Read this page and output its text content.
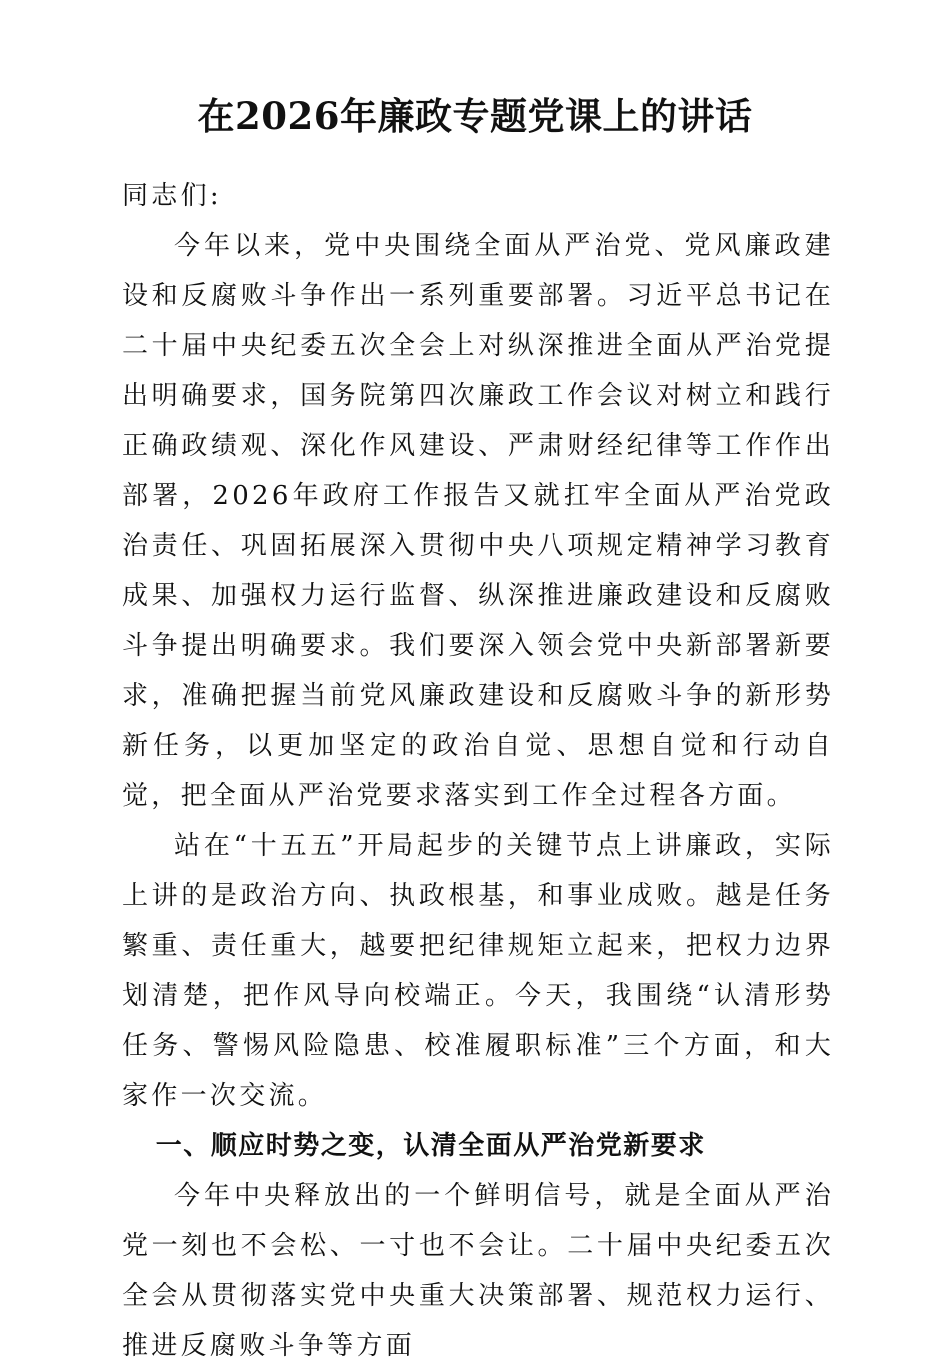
在2026年廉政专题党课上的讲话

同志们:

今年以来，党中央围绕全面从严治党、党风廉政建设和反腐败斗争作出一系列重要部署。习近平总书记在二十届中央纪委五次全会上对纵深推进全面从严治党提出明确要求，国务院第四次廉政工作会议对树立和践行正确政绩观、深化作风建设、严肃财经纪律等工作作出部署，2026年政府工作报告又就扛牢全面从严治党政治责任、巩固拓展深入贯彻中央八项规定精神学习教育成果、加强权力运行监督、纵深推进廉政建设和反腐败斗争提出明确要求。我们要深入领会党中央新部署新要求，准确把握当前党风廉政建设和反腐败斗争的新形势新任务，以更加坚定的政治自觉、思想自觉和行动自觉，把全面从严治党要求落实到工作全过程各方面。

站在“十五五”开局起步的关键节点上讲廉政，实际上讲的是政治方向、执政根基，和事业成败。越是任务繁重、责任重大，越要把纪律规矩立起来，把权力边界划清楚，把作风导向校端正。今天，我围绕“认清形势任务、警惕风险隐患、校准履职标准”三个方面，和大家作一次交流。

一、顺应时势之变，认清全面从严治党新要求

今年中央释放出的一个鲜明信号，就是全面从严治党一刻也不会松、一寸也不会让。二十届中央纪委五次全会从贯彻落实党中央重大决策部署、规范权力运行、推进反腐败斗争等方面
